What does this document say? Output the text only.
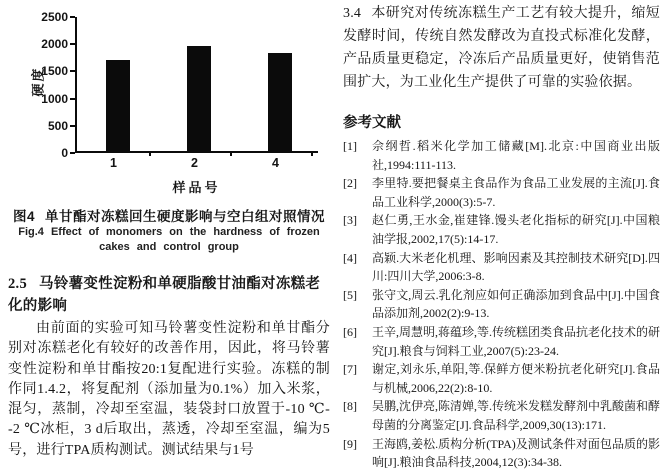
硬度
0
500
1000
1500
2000
2500
1	2	4
样品号
图4 单甘酯对冻糕回生硬度影响与空白组对照情况
Fig.4 Effect of monomers on the hardness of frozen
cakes and control group
2.5 马铃薯变性淀粉和单硬脂酸甘油酯对冻糕老化的影响
由前面的实验可知马铃薯变性淀粉和单甘酯分别对冻糕老化有较好的改善作用，因此，将马铃薯变性淀粉和单甘酯按20:1复配进行实验。冻糕的制作同1.4.2，将复配剂（添加量为0.1%）加入米浆，混匀，蒸制，冷却至室温，装袋封口放置于-10 ℃- -2 ℃冰柜，3 d后取出，蒸透，冷却至室温，编为5号，进行TPA质构测试。测试结果与1号
3.4 本研究对传统冻糕生产工艺有较大提升，缩短发酵时间，传统自然发酵改为直投式标准化发酵，产品质量更稳定，冷冻后产品质量更好，使销售范围扩大，为工业化生产提供了可靠的实验依据。
参考文献
[1] 佘纲哲.稻米化学加工储藏[M].北京:中国商业出版社,1994:111-113.
[2] 李里特.要把餐桌主食品作为食品工业发展的主流[J].食品工业科学,2000(3):5-7.
[3] 赵仁勇,王水金,崔建锋.馒头老化指标的研究[J].中国粮油学报,2002,17(5):14-17.
[4] 高颖.大米老化机理、影响因素及其控制技术研究[D].四川:四川大学,2006:3-8.
[5] 张守文,周云.乳化剂应如何正确添加到食品中[J].中国食品添加剂,2002(2):9-13.
[6] 王辛,周慧明,蒋蕴珍,等.传统糕团类食品抗老化技术的研究[J].粮食与饲料工业,2007(5):23-24.
[7] 谢定,刘永乐,单阳,等.保鲜方便米粉抗老化研究[J].食品与机械,2006,22(2):8-10.
[8] 吴鹏,沈伊亮,陈清婵,等.传统米发糕发酵剂中乳酸菌和酵母菌的分离鉴定[J].食品科学,2009,30(13):171.
[9] 王海鸥,姜松.质构分析(TPA)及测试条件对面包品质的影响[J].粮油食品科技,2004,12(3):34-38.
